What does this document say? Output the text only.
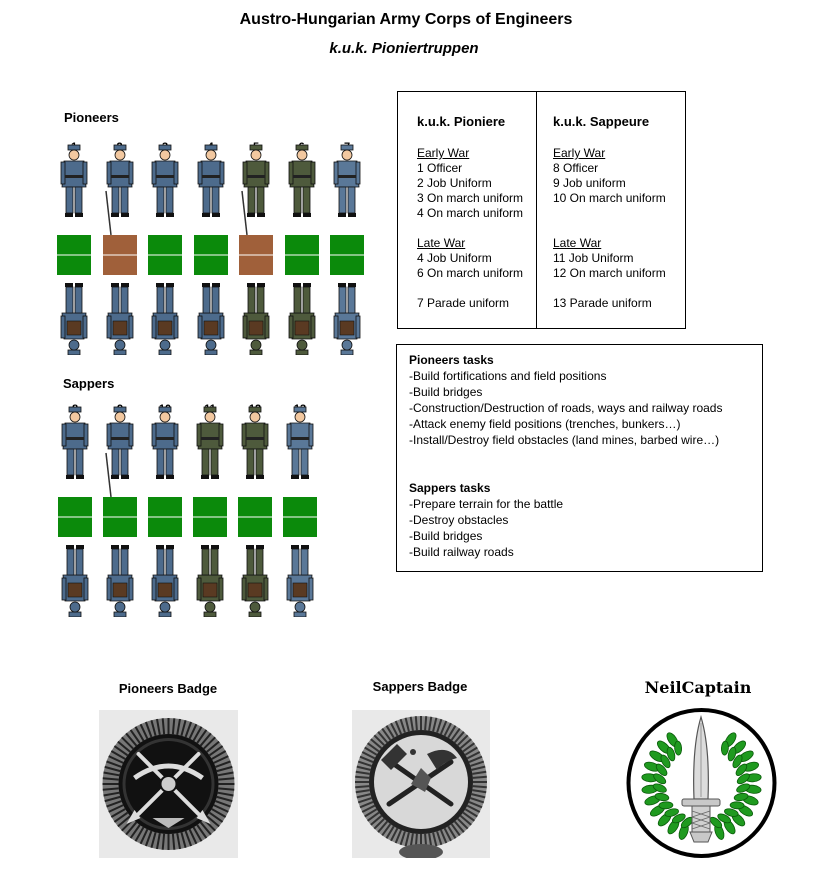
Austro-Hungarian Army Corps of Engineers
k.u.k. Pioniertruppen
Pioneers
Sappers
k.u.k. Pioniere
Early War
1 Officer
2 Job Uniform
3 On march uniform
4 On march uniform
Late War
4 Job Uniform
6 On march uniform
7 Parade uniform
k.u.k. Sappeure
Early War
8 Officer
9 Job uniform
10 On march uniform
Late War
11 Job Uniform
12 On march uniform
13 Parade uniform
Pioneers tasks
-Build fortifications and field positions
-Build bridges
-Construction/Destruction of roads, ways and railway roads
-Attack enemy field positions (trenches, bunkers…)
-Install/Destroy field obstacles (land mines, barbed wire…)
Sappers tasks
-Prepare terrain for the battle
-Destroy obstacles
-Build bridges
-Build railway roads
Pioneers Badge	Sappers Badge	NeilCaptain
